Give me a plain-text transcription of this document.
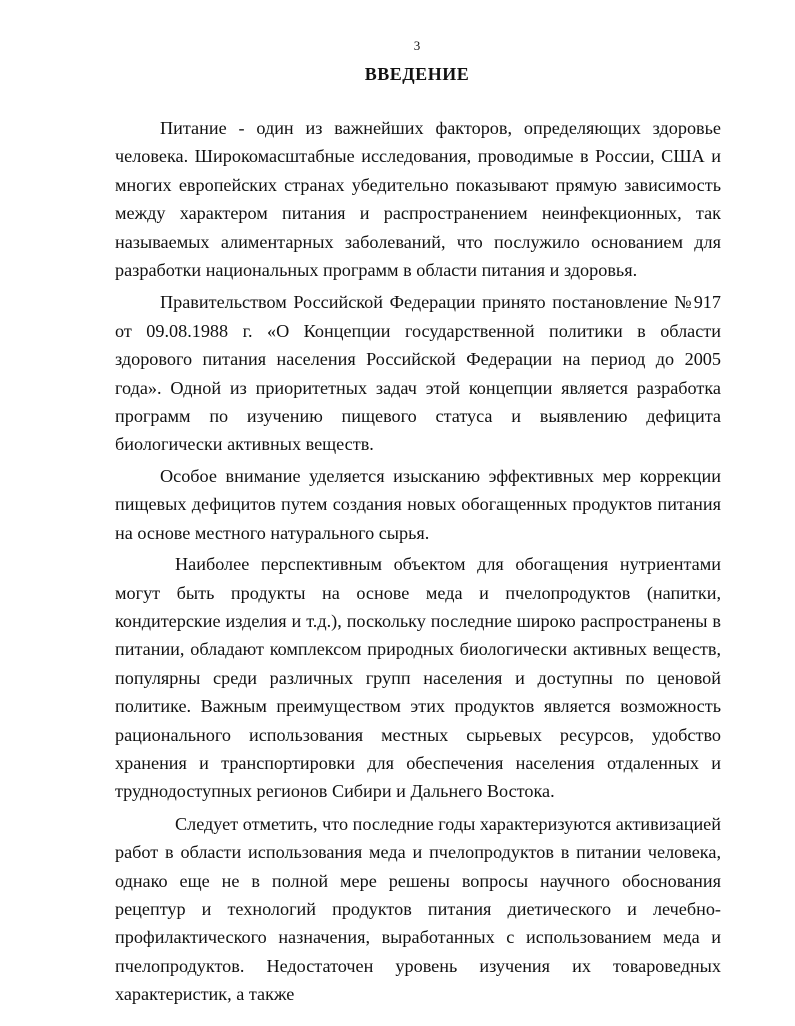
3
ВВЕДЕНИЕ

Питание - один из важнейших факторов, определяющих здоровье человека. Широкомасштабные исследования, проводимые в России, США и многих европейских странах убедительно показывают прямую зависимость между характером питания и распространением неинфекционных, так называемых алиментарных заболеваний, что послужило основанием для разработки национальных программ в области питания и здоровья.

Правительством Российской Федерации принято постановление №917 от 09.08.1988 г. «О Концепции государственной политики в области здорового питания населения Российской Федерации на период до 2005 года». Одной из приоритетных задач этой концепции является разработка программ по изучению пищевого статуса и выявлению дефицита биологически активных веществ.

Особое внимание уделяется изысканию эффективных мер коррекции пищевых дефицитов путем создания новых обогащенных продуктов питания на основе местного натурального сырья.

Наиболее перспективным объектом для обогащения нутриентами могут быть продукты на основе меда и пчелопродуктов (напитки, кондитерские изделия и т.д.), поскольку последние широко распространены в питании, обладают комплексом природных биологически активных веществ, популярны среди различных групп населения и доступны по ценовой политике. Важным преимуществом этих продуктов является возможность рационального использования местных сырьевых ресурсов, удобство хранения и транспортировки для обеспечения населения отдаленных и труднодоступных регионов Сибири и Дальнего Востока.

Следует отметить, что последние годы характеризуются активизацией работ в области использования меда и пчелопродуктов в питании человека, однако еще не в полной мере решены вопросы научного обоснования рецептур и технологий продуктов питания диетического и лечебно-профилактического назначения, выработанных с использованием меда и пчелопродуктов. Недостаточен уровень изучения их товароведных характеристик, а также
